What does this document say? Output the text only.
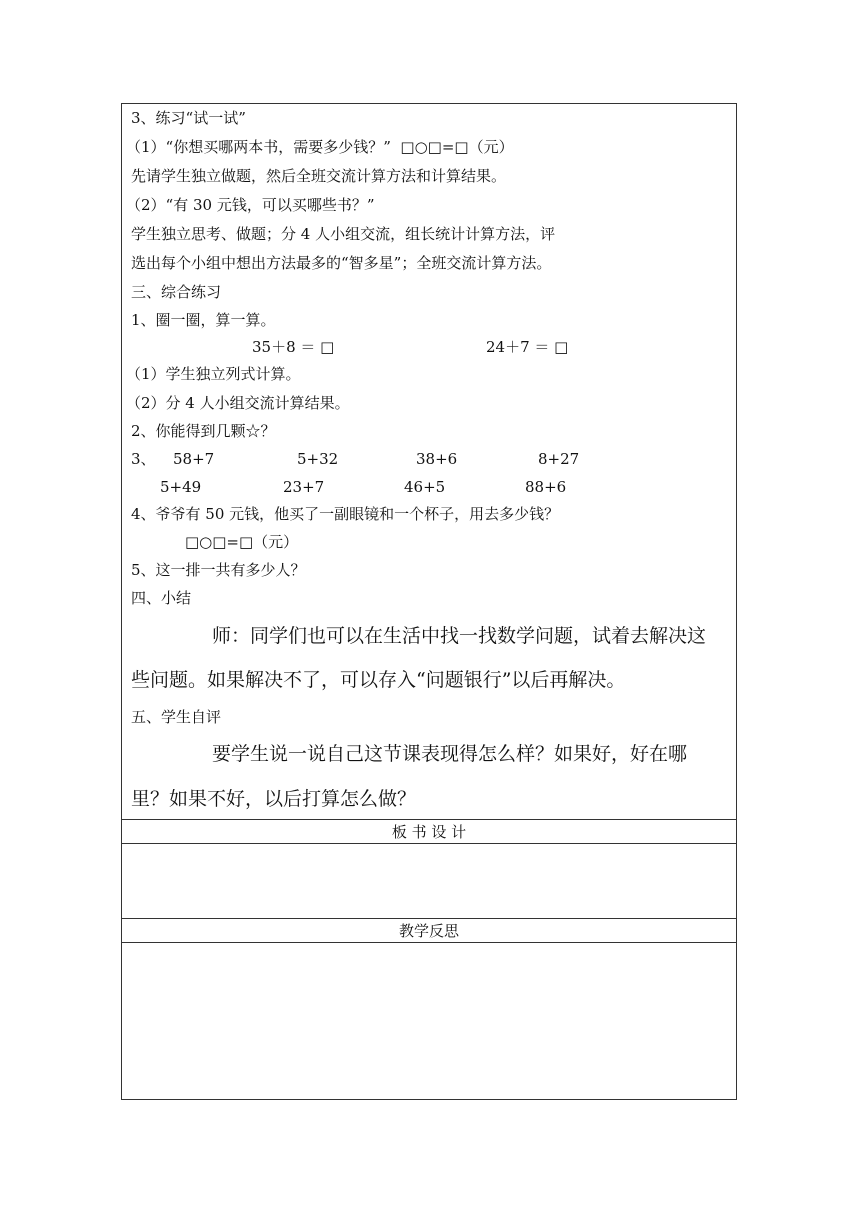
3、练习“试一试”
（1）“你想买哪两本书，需要多少钱？”  □○□=□（元）
先请学生独立做题，然后全班交流计算方法和计算结果。
（2）“有 30 元钱，可以买哪些书？”
学生独立思考、做题；分 4 人小组交流，组长统计计算方法，评
选出每个小组中想出方法最多的“智多星”；全班交流计算方法。
三、综合练习
1、圈一圈，算一算。
35＋8 ＝ □	24＋7 ＝ □
（1）学生独立列式计算。
（2）分 4 人小组交流计算结果。
2、你能得到几颗☆？
3、 58+7	5+32	38+6	8+27
5+49	23+7	46+5	88+6
4、爷爷有 50 元钱，他买了一副眼镜和一个杯子，用去多少钱？
□○□=□（元）
5、这一排一共有多少人？
四、小结
师：同学们也可以在生活中找一找数学问题，试着去解决这
些问题。如果解决不了，可以存入“问题银行”以后再解决。
五、学生自评
要学生说一说自己这节课表现得怎么样？如果好，好在哪
里？如果不好，以后打算怎么做？
板 书 设 计
教学反思
